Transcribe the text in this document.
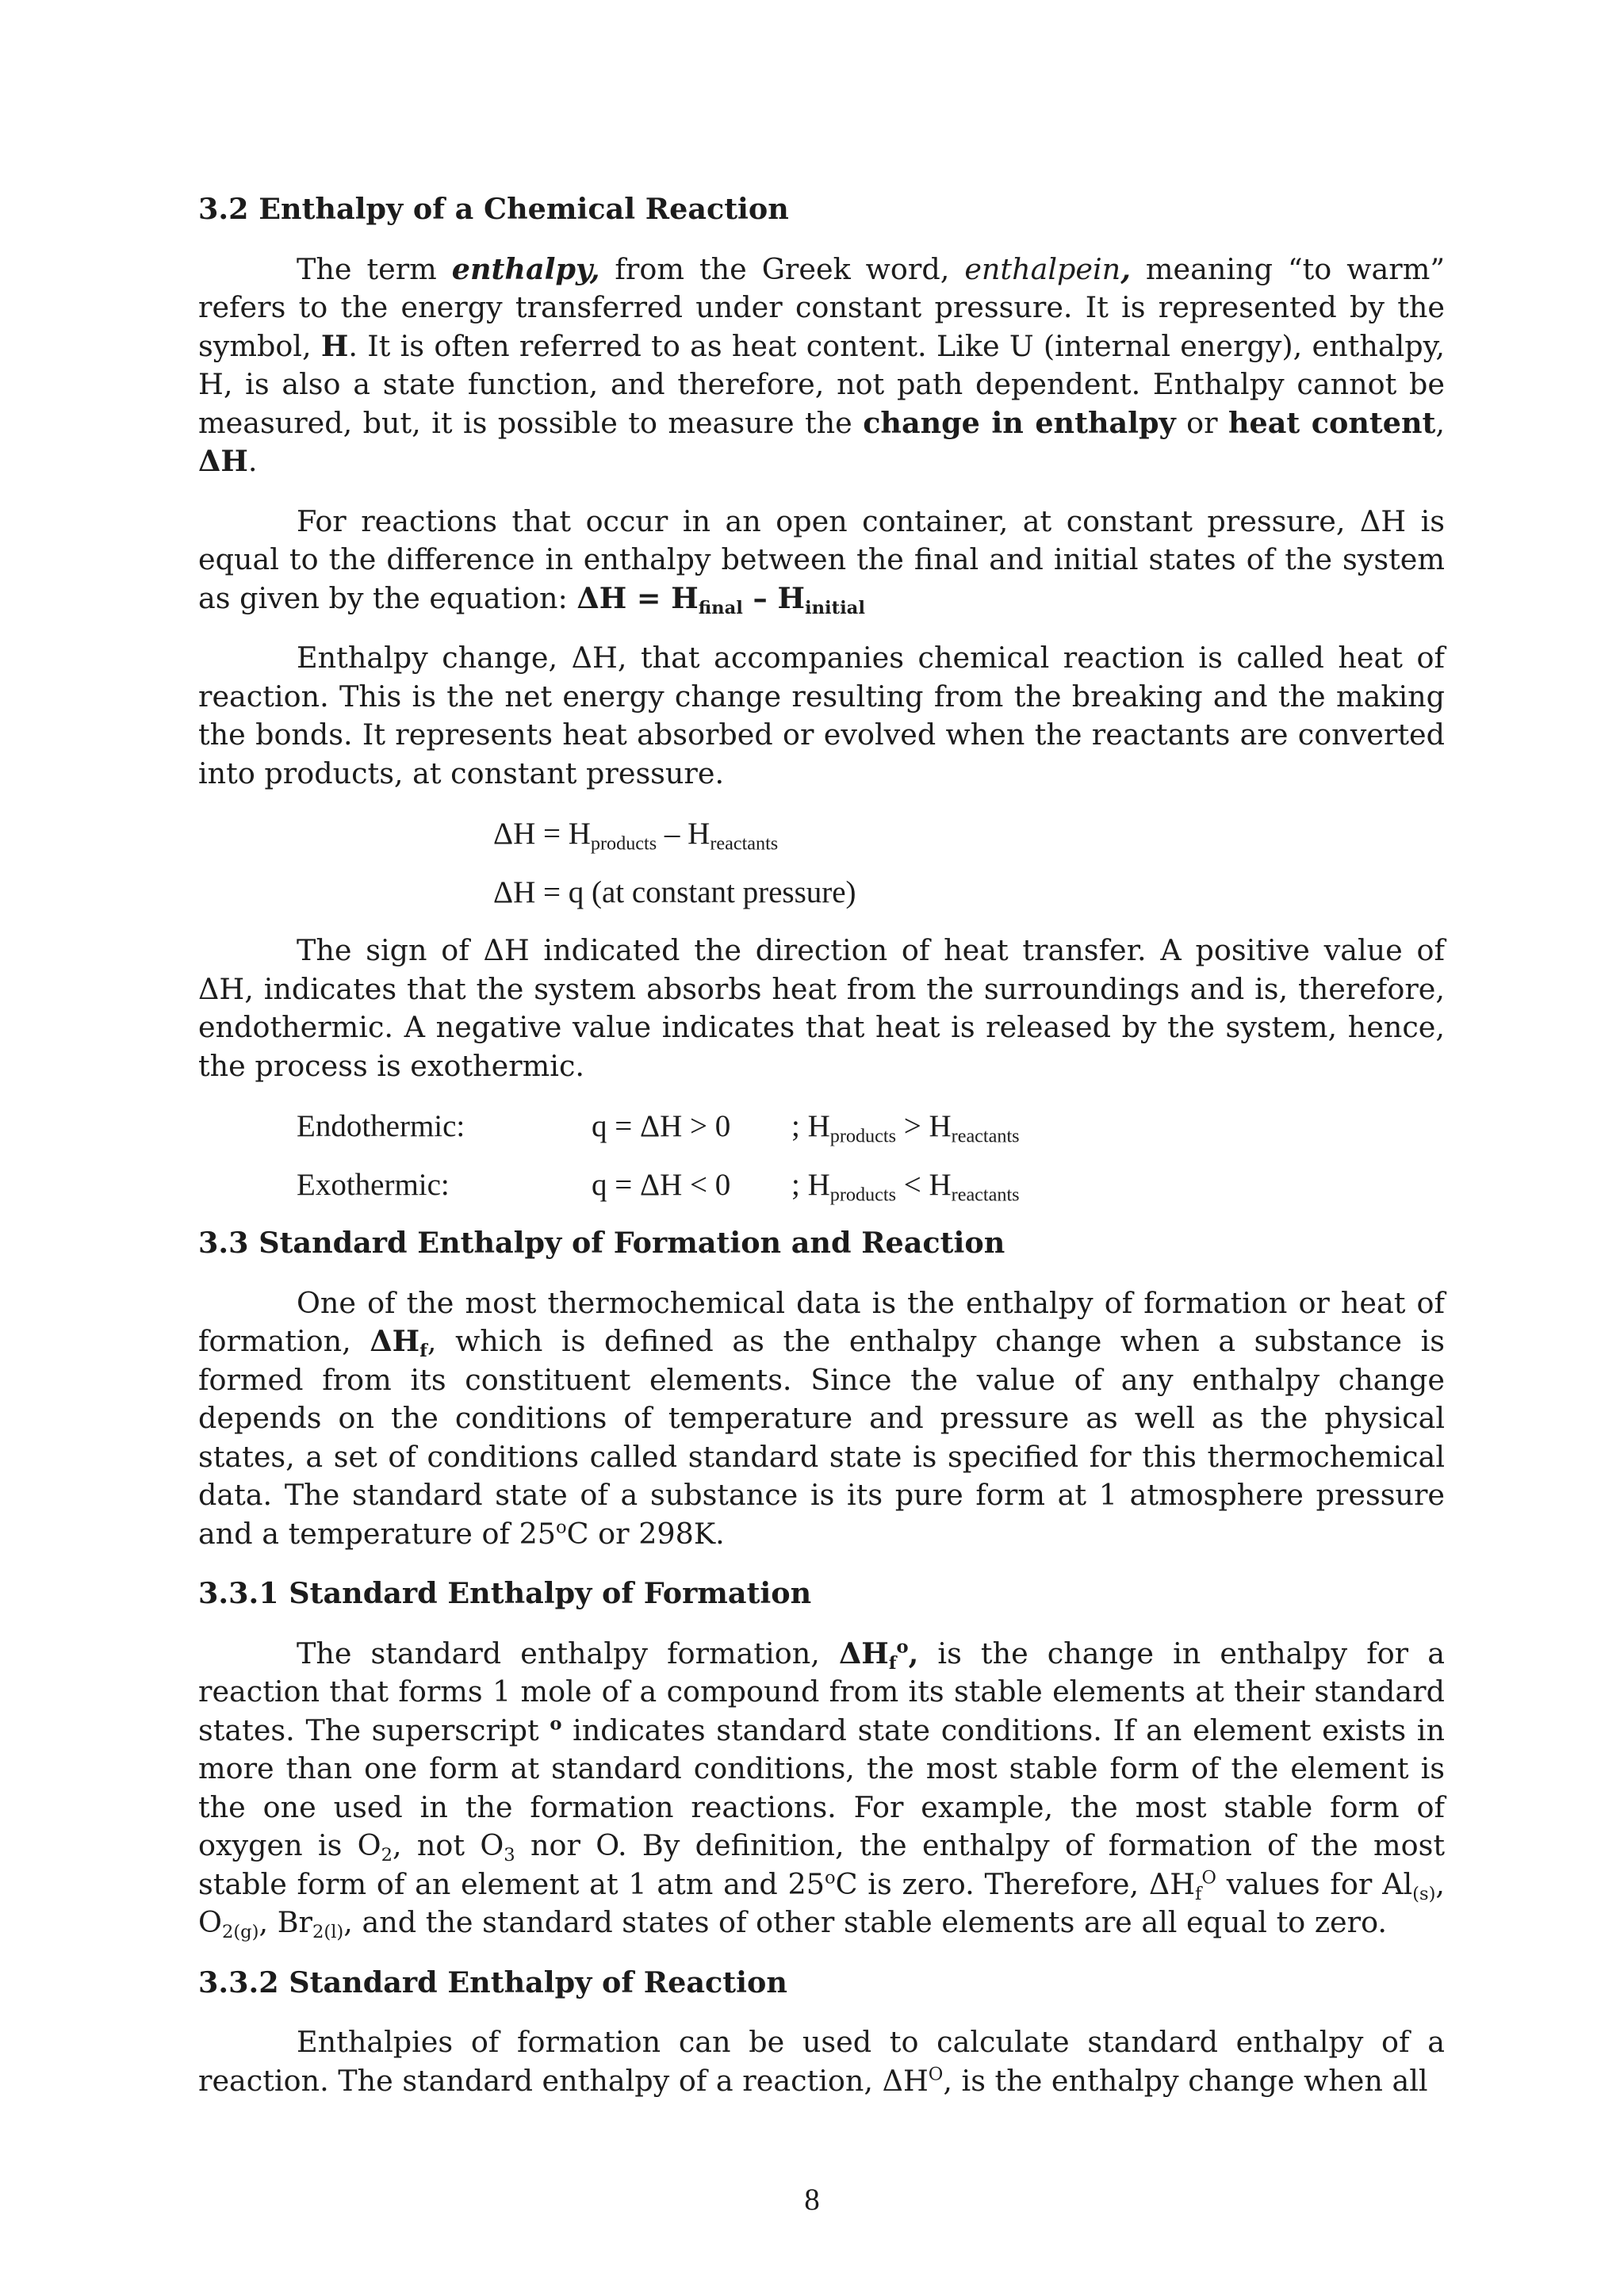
3.2 Enthalpy of a Chemical Reaction

The term enthalpy, from the Greek word, enthalpein, meaning “to warm” refers to the energy transferred under constant pressure. It is represented by the symbol, H. It is often referred to as heat content. Like U (internal energy), enthalpy, H, is also a state function, and therefore, not path dependent. Enthalpy cannot be measured, but, it is possible to measure the change in enthalpy or heat content, ΔH.

For reactions that occur in an open container, at constant pressure, ΔH is equal to the difference in enthalpy between the final and initial states of the system as given by the equation: ΔH = Hfinal – Hinitial

Enthalpy change, ΔH, that accompanies chemical reaction is called heat of reaction. This is the net energy change resulting from the breaking and the making the bonds. It represents heat absorbed or evolved when the reactants are converted into products, at constant pressure.

$\Delta H = H_{products} - H_{reactants}$
ΔH = q (at constant pressure)

The sign of ΔH indicated the direction of heat transfer. A positive value of ΔH, indicates that the system absorbs heat from the surroundings and is, therefore, endothermic. A negative value indicates that heat is released by the system, hence, the process is exothermic.

Endothermic:	q = ΔH > 0 ; $H_{products} > H_{reactants}$
Exothermic:	q = ΔH < 0 ; $H_{products} < H_{reactants}$
3.3 Standard Enthalpy of Formation and Reaction

One of the most thermochemical data is the enthalpy of formation or heat of formation, ΔHf, which is defined as the enthalpy change when a substance is formed from its constituent elements. Since the value of any enthalpy change depends on the conditions of temperature and pressure as well as the physical states, a set of conditions called standard state is specified for this thermochemical data. The standard state of a substance is its pure form at 1 atmosphere pressure and a temperature of 25$^o$C or 298K.

3.3.1 Standard Enthalpy of Formation

The standard enthalpy formation, ΔHf$^o$, is the change in enthalpy for a reaction that forms 1 mole of a compound from its stable elements at their standard states. The superscript $^o$ indicates standard state conditions. If an element exists in more than one form at standard conditions, the most stable form of the element is the one used in the formation reactions. For example, the most stable form of oxygen is $O_2$, not $O_3$ nor O. By definition, the enthalpy of formation of the most stable form of an element at 1 atm and 25$^o$C is zero. Therefore, $\Delta H_f^O$ values for $Al_{(s)}$, $O_{2(g)}$, $Br_{2(l)}$, and the standard states of other stable elements are all equal to zero.

3.3.2 Standard Enthalpy of Reaction

Enthalpies of formation can be used to calculate standard enthalpy of a reaction. The standard enthalpy of a reaction, $\Delta H^O$, is the enthalpy change when all

8
